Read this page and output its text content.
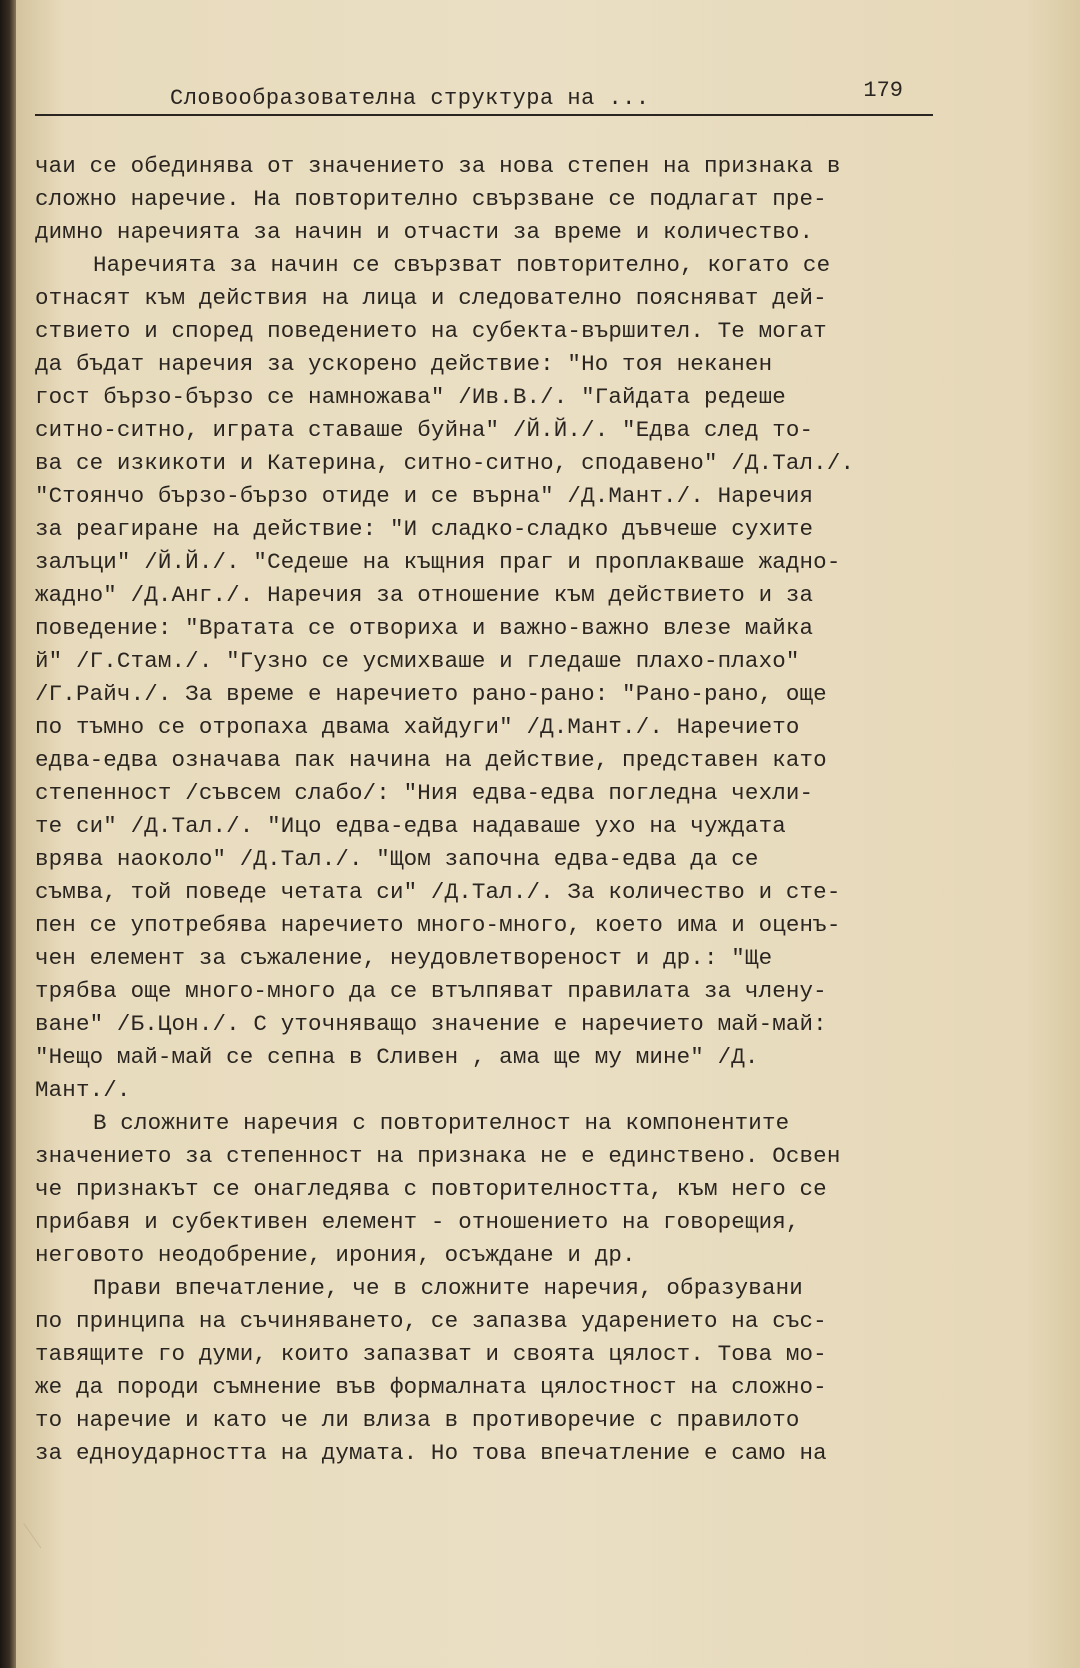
Словообразователна структура на ...	179
чаи се обединява от значението за нова степен на признака в
сложно наречие. На повторително свързване се подлагат пре-
димно наречията за начин и отчасти за време и количество.
Наречията за начин се свързват повторително, когато се
отнасят към действия на лица и следователно поясняват дей-
ствието и според поведението на субекта-вършител. Те могат
да бъдат наречия за ускорено действие: "Но тоя неканен
гост бързо-бързо се намножава" /Ив.В./. "Гайдата редеше
ситно-ситно, играта ставаше буйна" /Й.Й./. "Едва след то-
ва се изкикоти и Катерина, ситно-ситно, сподавено" /Д.Тал./.
"Стоянчо бързо-бързо отиде и се върна" /Д.Мант./. Наречия
за реагиране на действие: "И сладко-сладко дъвчеше сухите
залъци" /Й.Й./. "Седеше на къщния праг и проплакваше жадно-
жадно" /Д.Анг./. Наречия за отношение към действието и за
поведение: "Вратата се отвориха и важно-важно влезе майка
й" /Г.Стам./. "Гузно се усмихваше и гледаше плахо-плахо"
/Г.Райч./. За време е наречието рано-рано: "Рано-рано, още
по тъмно се отропаха двама хайдуги" /Д.Мант./. Наречието
едва-едва означава пак начина на действие, представен като
степенност /съвсем слабо/: "Ния едва-едва погледна чехли-
те си" /Д.Тал./. "Ицо едва-едва надаваше ухо на чуждата
врява наоколо" /Д.Тал./. "Щом започна едва-едва да се
съмва, той поведе четата си" /Д.Тал./. За количество и сте-
пен се употребява наречието много-много, което има и оценъ-
чен елемент за съжаление, неудовлетвореност и др.: "Ще
трябва още много-много да се втълпяват правилата за члену-
ване" /Б.Цон./. С уточняващо значение е наречието май-май:
"Нещо май-май се сепна в Сливен , ама ще му мине" /Д.
Мант./.
В сложните наречия с повторителност на компонентите
значението за степенност на признака не е единствено. Освен
че признакът се онагледява с повторителността, към него се
прибавя и субективен елемент - отношението на говорещия,
неговото неодобрение, ирония, осъждане и др.
Прави впечатление, че в сложните наречия, образувани
по принципа на съчиняването, се запазва ударението на със-
тавящите го думи, които запазват и своята цялост. Това мо-
же да породи съмнение във формалната цялостност на сложно-
то наречие и като че ли влиза в противоречие с правилото
за едноударността на думата. Но това впечатление е само на
